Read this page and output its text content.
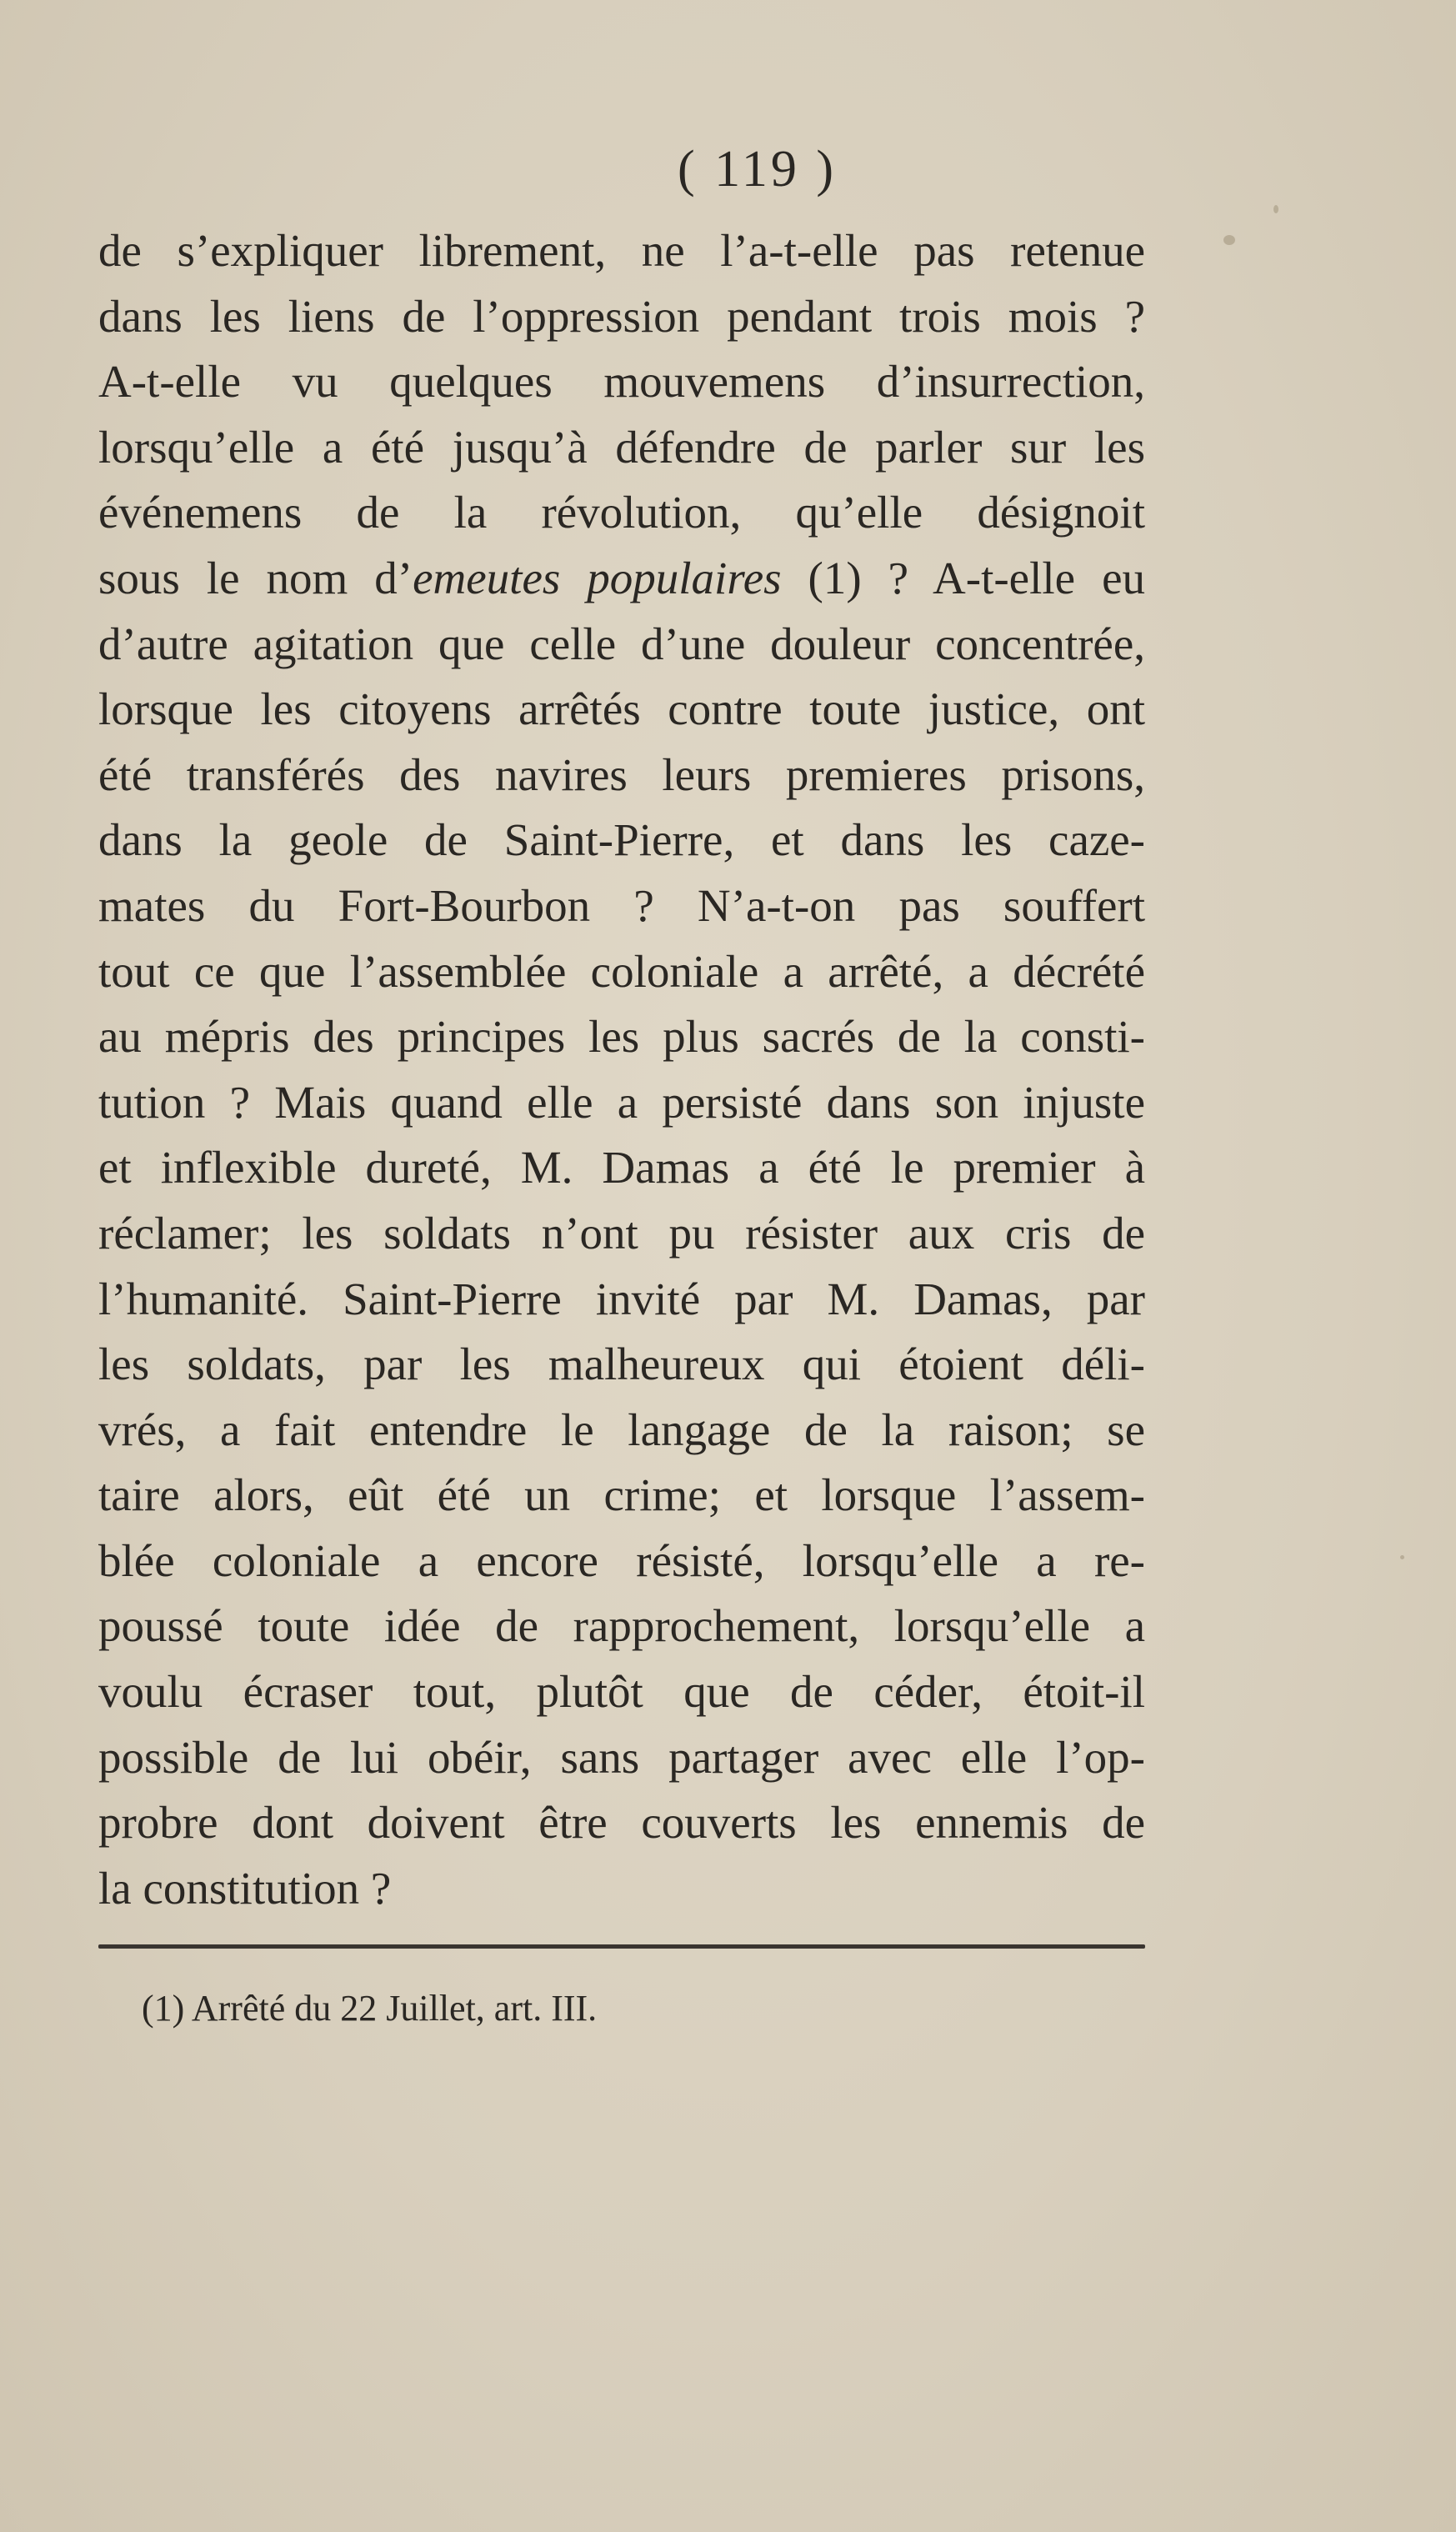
( 119 )

de s’expliquer librement, ne l’a-t-elle pas retenue
dans les liens de l’oppression pendant trois mois ?
A-t-elle vu quelques mouvemens d’insurrection,
lorsqu’elle a été jusqu’à défendre de parler sur les
événemens de la révolution, qu’elle désignoit
sous le nom d’emeutes populaires (1) ? A-t-elle eu
d’autre agitation que celle d’une douleur concentrée,
lorsque les citoyens arrêtés contre toute justice, ont
été transférés des navires leurs premieres prisons,
dans la geole de Saint-Pierre, et dans les caze-
mates du Fort-Bourbon ? N’a-t-on pas souffert
tout ce que l’assemblée coloniale a arrêté, a décrété
au mépris des principes les plus sacrés de la consti-
tution ? Mais quand elle a persisté dans son injuste
et inflexible dureté, M. Damas a été le premier à
réclamer; les soldats n’ont pu résister aux cris de
l’humanité. Saint-Pierre invité par M. Damas, par
les soldats, par les malheureux qui étoient déli-
vrés, a fait entendre le langage de la raison; se
taire alors, eût été un crime; et lorsque l’assem-
blée coloniale a encore résisté, lorsqu’elle a re-
poussé toute idée de rapprochement, lorsqu’elle a
voulu écraser tout, plutôt que de céder, étoit-il
possible de lui obéir, sans partager avec elle l’op-
probre dont doivent être couverts les ennemis de
la constitution ?

(1) Arrêté du 22 Juillet, art. III.
